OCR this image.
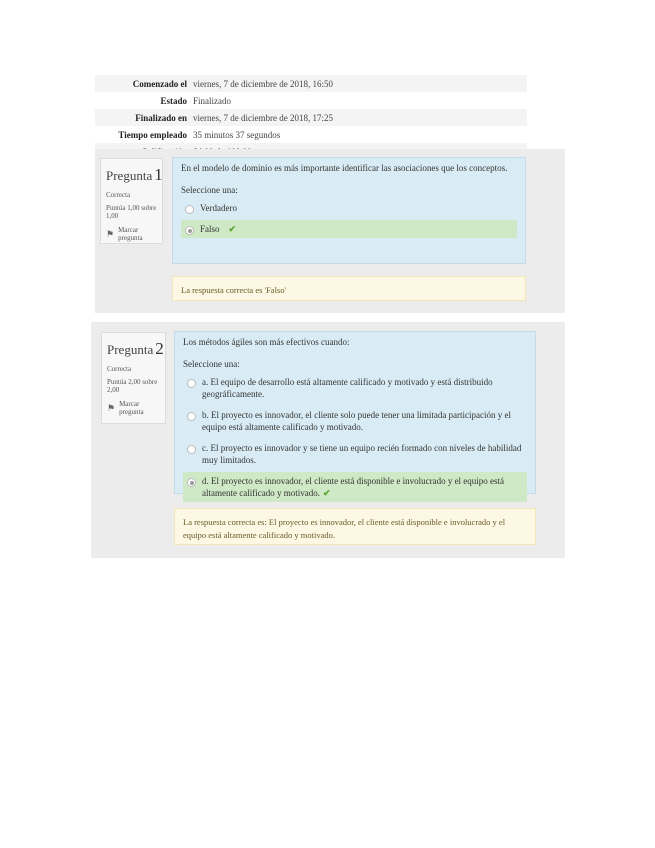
Comenzado el viernes, 7 de diciembre de 2018, 16:50
Estado Finalizado
Finalizado en viernes, 7 de diciembre de 2018, 17:25
Tiempo empleado 35 minutos 37 segundos
Pregunta 1
Correcta
Puntúa 1,00 sobre
1,00
⚑ Marcar pregunta
En el modelo de dominio es más importante identificar las asociaciones que los conceptos.
Seleccione una:
Verdadero
Falso ✔
La respuesta correcta es 'Falso'
Pregunta 2
Correcta
Puntúa 2,00 sobre
2,00
⚑ Marcar pregunta
Los métodos ágiles son más efectivos cuando:
Seleccione una:
a. El equipo de desarrollo está altamente calificado y motivado y está distribuido geográficamente.
b. El proyecto es innovador, el cliente solo puede tener una limitada participación y el equipo está altamente calificado y motivado.
c. El proyecto es innovador y se tiene un equipo recién formado con niveles de habilidad muy limitados.
d. El proyecto es innovador, el cliente está disponible e involucrado y el equipo está altamente calificado y motivado. ✔
La respuesta correcta es: El proyecto es innovador, el cliente está disponible e involucrado y el equipo está altamente calificado y motivado.
